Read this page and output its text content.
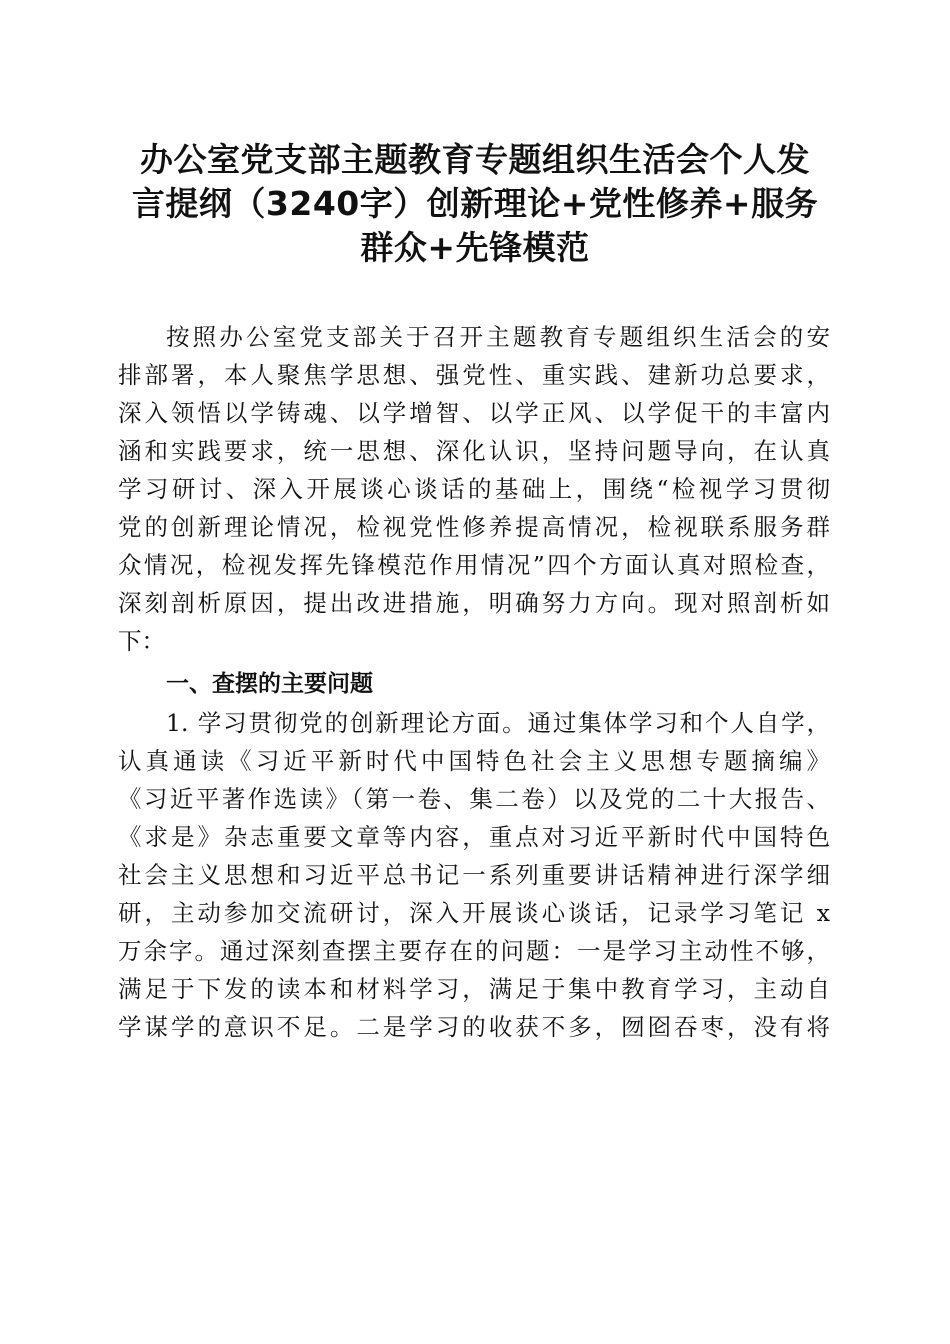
办公室党支部主题教育专题组织生活会个人发
言提纲（3240字）创新理论+党性修养+服务
群众+先锋模范
按照办公室党支部关于召开主题教育专题组织生活会的安
排部署，本人聚焦学思想、强党性、重实践、建新功总要求，
深入领悟以学铸魂、以学增智、以学正风、以学促干的丰富内
涵和实践要求，统一思想、深化认识，坚持问题导向，在认真
学习研讨、深入开展谈心谈话的基础上，围绕“检视学习贯彻
党的创新理论情况，检视党性修养提高情况，检视联系服务群
众情况，检视发挥先锋模范作用情况”四个方面认真对照检查，
深刻剖析原因，提出改进措施，明确努力方向。现对照剖析如
下：
一、查摆的主要问题
1. 学习贯彻党的创新理论方面。通过集体学习和个人自学，
认真通读《习近平新时代中国特色社会主义思想专题摘编》
《习近平著作选读》（第一卷、集二卷）以及党的二十大报告、
《求是》杂志重要文章等内容，重点对习近平新时代中国特色
社会主义思想和习近平总书记一系列重要讲话精神进行深学细
研，主动参加交流研讨，深入开展谈心谈话，记录学习笔记 x
万余字。通过深刻查摆主要存在的问题：一是学习主动性不够，
满足于下发的读本和材料学习，满足于集中教育学习，主动自
学谋学的意识不足。二是学习的收获不多，囫囵吞枣，没有将
